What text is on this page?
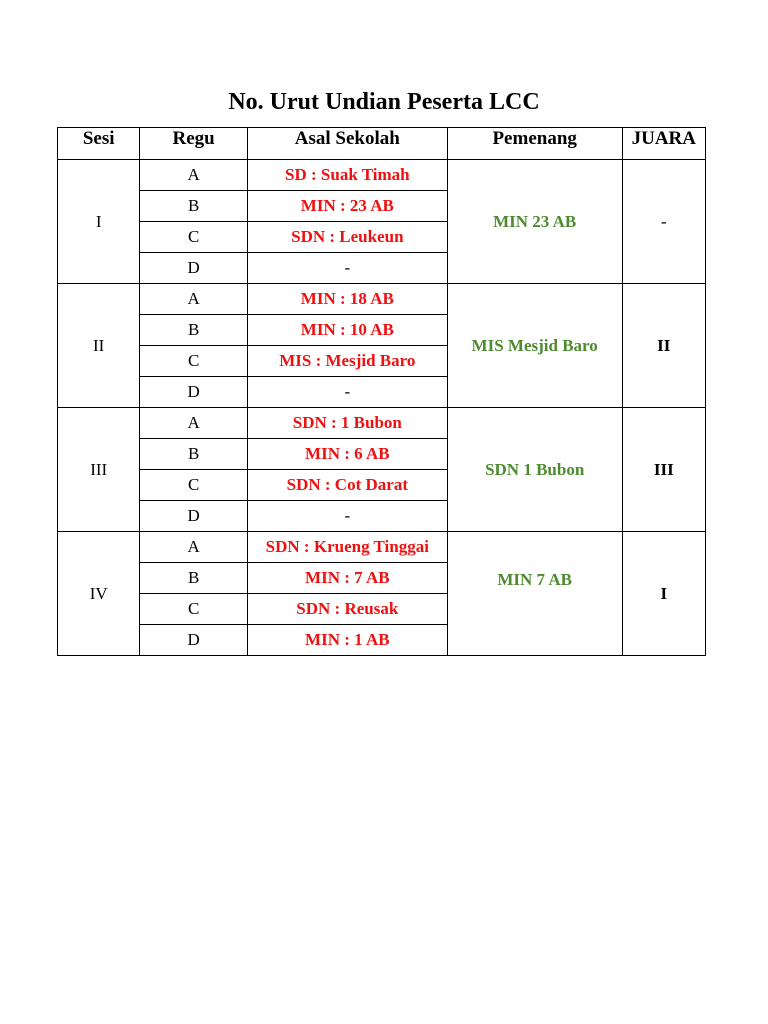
No. Urut Undian Peserta LCC
Sesi	Regu	Asal Sekolah	Pemenang	JUARA
I	A	SD : Suak Timah	MIN 23 AB	-
	B	MIN : 23 AB		
	C	SDN : Leukeun		
	D	-		
II	A	MIN : 18 AB	MIS Mesjid Baro	II
	B	MIN : 10 AB		
	C	MIS : Mesjid Baro		
	D	-		
III	A	SDN : 1 Bubon	SDN 1 Bubon	III
	B	MIN : 6 AB		
	C	SDN : Cot Darat		
	D	-		
IV	A	SDN : Krueng Tinggai	MIN 7 AB	I
	B	MIN : 7 AB		
	C	SDN : Reusak		
	D	MIN : 1 AB		
